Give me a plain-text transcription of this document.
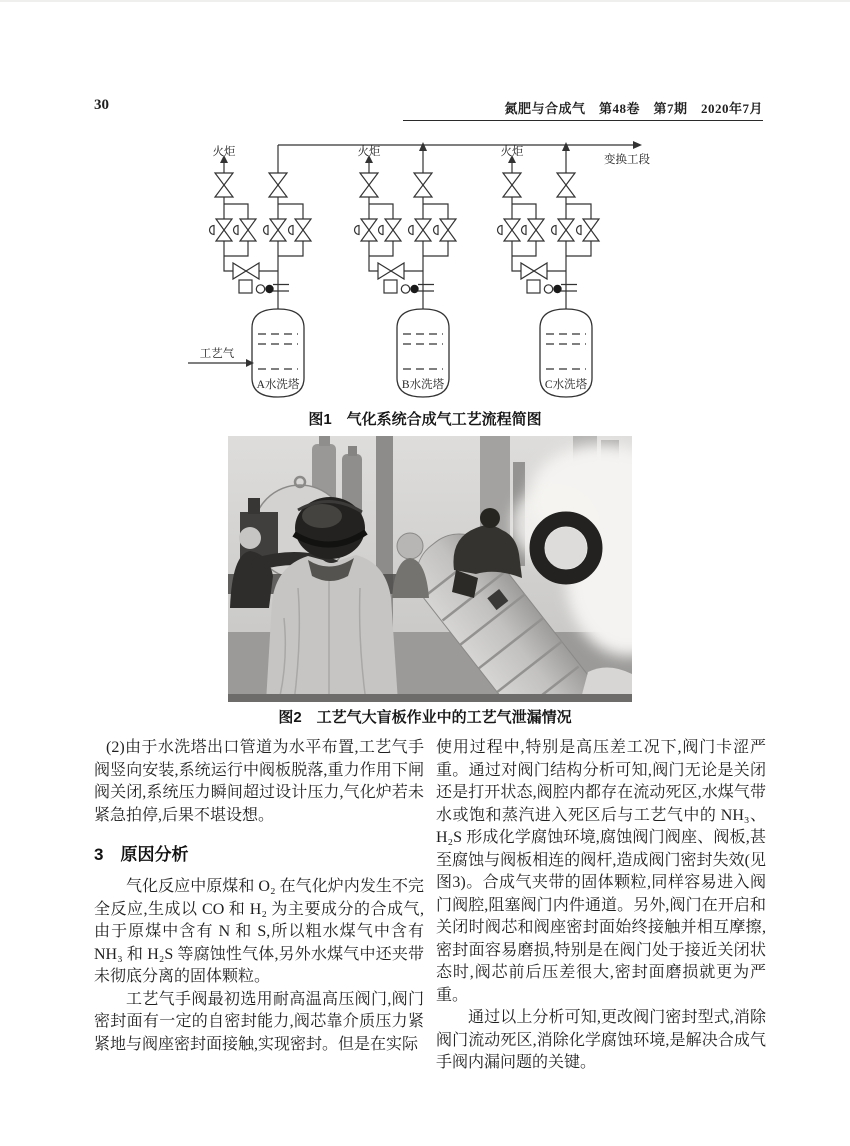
30	氮肥与合成气　第48卷　第7期　2020年7月
火炬	火炬	火炬
变换工段
工艺气
A水洗塔	B水洗塔	C水洗塔
图1　气化系统合成气工艺流程简图
图2　工艺气大盲板作业中的工艺气泄漏情况

(2)由于水洗塔出口管道为水平布置,工艺气手阀竖向安装,系统运行中阀板脱落,重力作用下闸阀关闭,系统压力瞬间超过设计压力,气化炉若未紧急拍停,后果不堪设想。

3　原因分析

气化反应中原煤和 O₂ 在气化炉内发生不完全反应,生成以 CO 和 H₂ 为主要成分的合成气,由于原煤中含有 N 和 S,所以粗水煤气中含有 NH₃ 和 H₂S 等腐蚀性气体,另外水煤气中还夹带未彻底分离的固体颗粒。

工艺气手阀最初选用耐高温高压阀门,阀门密封面有一定的自密封能力,阀芯靠介质压力紧紧地与阀座密封面接触,实现密封。但是在实际

使用过程中,特别是高压差工况下,阀门卡涩严重。通过对阀门结构分析可知,阀门无论是关闭还是打开状态,阀腔内都存在流动死区,水煤气带水或饱和蒸汽进入死区后与工艺气中的 NH₃、H₂S 形成化学腐蚀环境,腐蚀阀门阀座、阀板,甚至腐蚀与阀板相连的阀杆,造成阀门密封失效(见图3)。合成气夹带的固体颗粒,同样容易进入阀门阀腔,阻塞阀门内件通道。另外,阀门在开启和关闭时阀芯和阀座密封面始终接触并相互摩擦,密封面容易磨损,特别是在阀门处于接近关闭状态时,阀芯前后压差很大,密封面磨损就更为严重。

通过以上分析可知,更改阀门密封型式,消除阀门流动死区,消除化学腐蚀环境,是解决合成气手阀内漏问题的关键。
